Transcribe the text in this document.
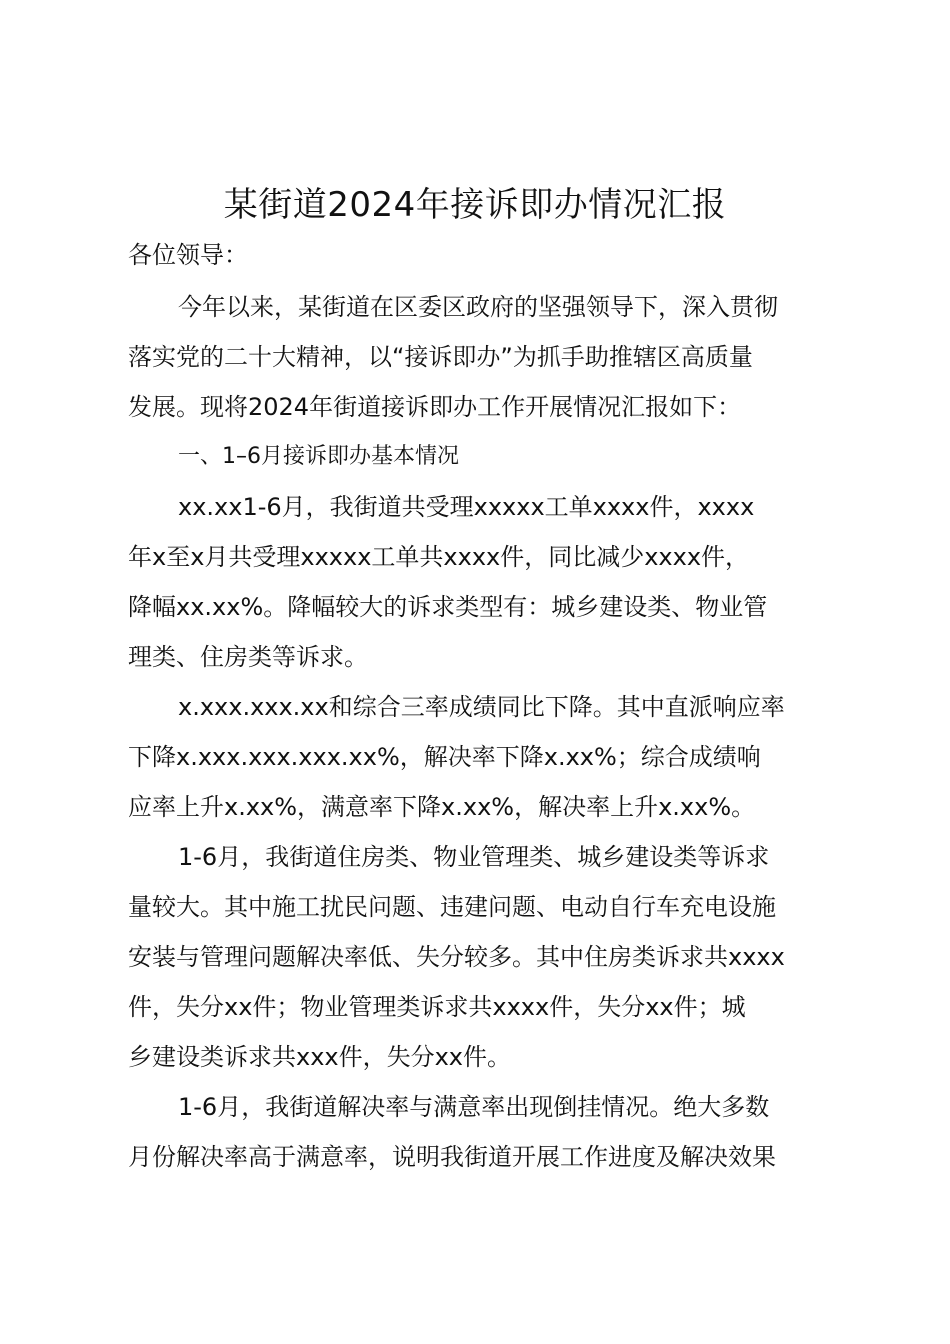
某街道2024年接诉即办情况汇报
各位领导：
今年以来，某街道在区委区政府的坚强领导下，深入贯彻
落实党的二十大精神，以“接诉即办”为抓手助推辖区高质量
发展。现将2024年街道接诉即办工作开展情况汇报如下：
一、1–6月接诉即办基本情况
xx.xx1-6月，我街道共受理xxxxx工单xxxx件，xxxx
年x至x月共受理xxxxx工单共xxxx件，同比减少xxxx件，
降幅xx.xx%。降幅较大的诉求类型有：城乡建设类、物业管
理类、住房类等诉求。
x.xxx.xxx.xx和综合三率成绩同比下降。其中直派响应率
下降x.xxx.xxx.xxx.xx%，解决率下降x.xx%；综合成绩响
应率上升x.xx%，满意率下降x.xx%，解决率上升x.xx%。
1-6月，我街道住房类、物业管理类、城乡建设类等诉求
量较大。其中施工扰民问题、违建问题、电动自行车充电设施
安装与管理问题解决率低、失分较多。其中住房类诉求共xxxx
件，失分xx件；物业管理类诉求共xxxx件，失分xx件；城
乡建设类诉求共xxx件，失分xx件。
1-6月，我街道解决率与满意率出现倒挂情况。绝大多数
月份解决率高于满意率，说明我街道开展工作进度及解决效果
